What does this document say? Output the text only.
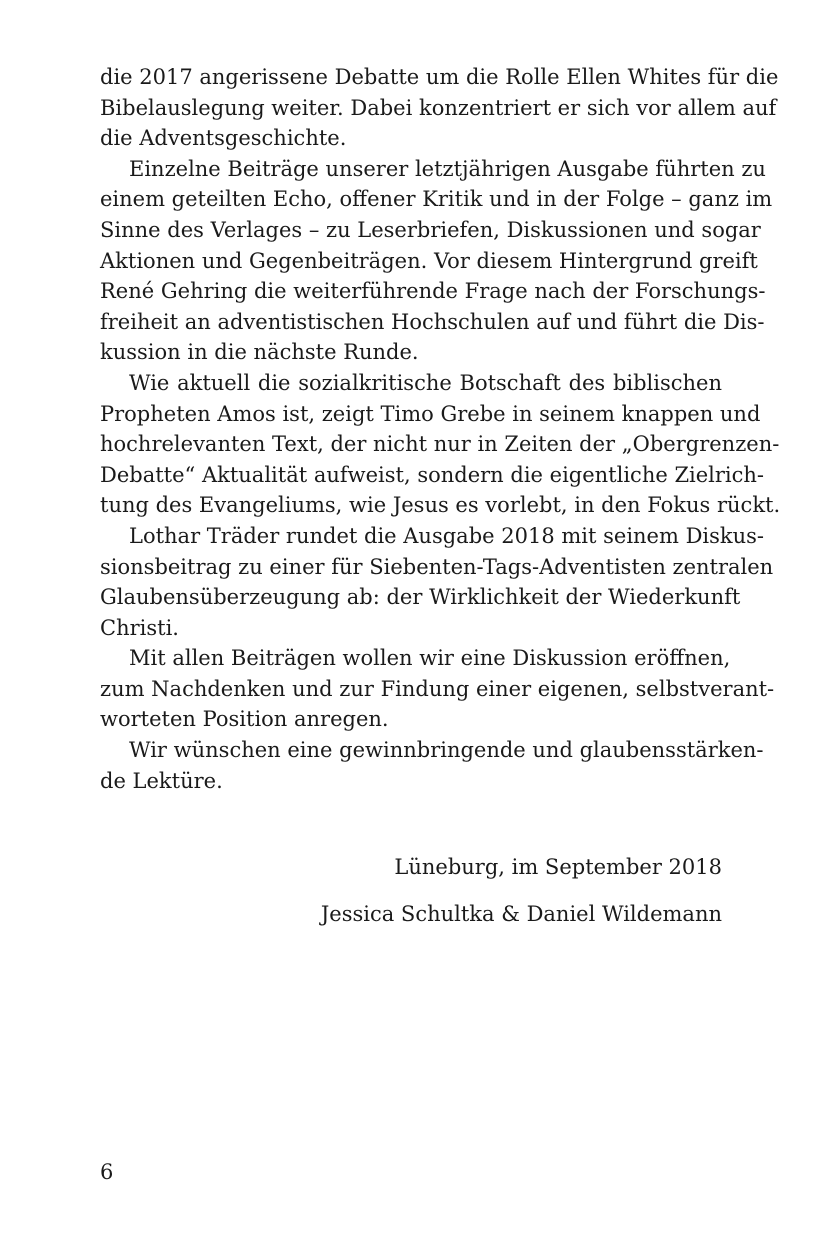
die 2017 angerissene Debatte um die Rolle Ellen Whites für die
Bibelauslegung weiter. Dabei konzentriert er sich vor allem auf
die Adventsgeschichte.
Einzelne Beiträge unserer letztjährigen Ausgabe führten zu
einem geteilten Echo, offener Kritik und in der Folge – ganz im
Sinne des Verlages – zu Leserbriefen, Diskussionen und sogar
Aktionen und Gegenbeiträgen. Vor diesem Hintergrund greift
René Gehring die weiterführende Frage nach der Forschungs-
freiheit an adventistischen Hochschulen auf und führt die Dis-
kussion in die nächste Runde.
Wie aktuell die sozialkritische Botschaft des biblischen
Propheten Amos ist, zeigt Timo Grebe in seinem knappen und
hochrelevanten Text, der nicht nur in Zeiten der „Obergrenzen-
Debatte“ Aktualität aufweist, sondern die eigentliche Zielrich-
tung des Evangeliums, wie Jesus es vorlebt, in den Fokus rückt.
Lothar Träder rundet die Ausgabe 2018 mit seinem Diskus-
sionsbeitrag zu einer für Siebenten-Tags-Adventisten zentralen
Glaubensüberzeugung ab: der Wirklichkeit der Wiederkunft
Christi.
Mit allen Beiträgen wollen wir eine Diskussion eröffnen,
zum Nachdenken und zur Findung einer eigenen, selbstverant-
worteten Position anregen.
Wir wünschen eine gewinnbringende und glaubensstärken-
de Lektüre.
Lüneburg, im September 2018
Jessica Schultka & Daniel Wildemann
6
